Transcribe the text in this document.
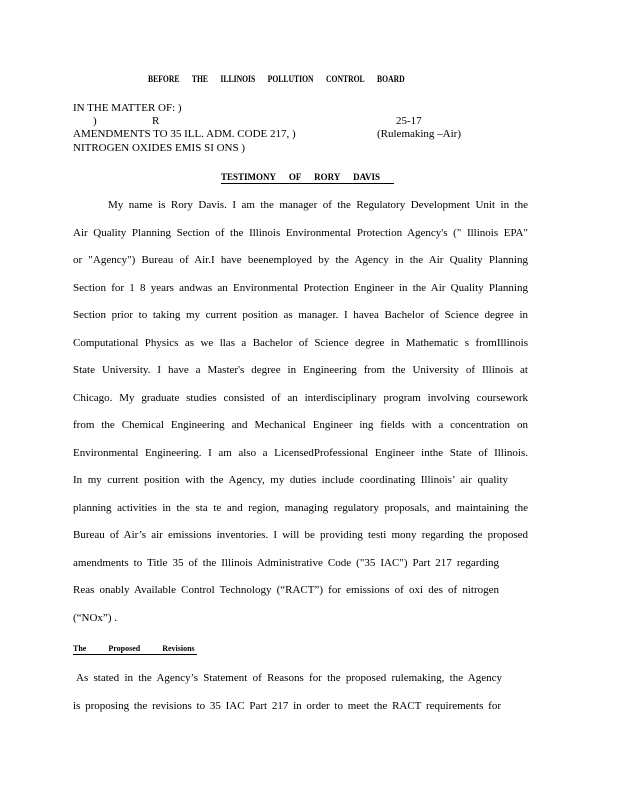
BEFORE THE ILLINOIS POLLUTION CONTROL BOARD
IN THE MATTER OF: )
)	R	25-17
AMENDMENTS TO 35 ILL. ADM. CODE 217, )	(Rulemaking –Air)
NITROGEN OXIDES EMIS SI ONS )
TESTIMONY OF RORY DAVIS
My name is Rory Davis. I am the manager of the Regulatory Development Unit in the
Air Quality Planning Section of the Illinois Environmental Protection Agency's (" Illinois EPA"
or "Agency") Bureau of Air.I have beenemployed by the Agency in the Air Quality Planning
Section for 1 8 years andwas an Environmental Protection Engineer in the Air Quality Planning
Section prior to taking my current position as manager. I havea Bachelor of Science degree in
Computational Physics as we llas a Bachelor of Science degree in Mathematic s fromIllinois
State University. I have a Master's degree in Engineering from the University of Illinois at
Chicago. My graduate studies consisted of an interdisciplinary program involving coursework
from the Chemical Engineering and Mechanical Engineer ing fields with a concentration on
Environmental Engineering. I am also a LicensedProfessional Engineer inthe State of Illinois.
In my current position with the Agency, my duties include coordinating Illinois’ air quality
planning activities in the sta te and region, managing regulatory proposals, and maintaining the
Bureau of Air’s air emissions inventories. I will be providing testi mony regarding the proposed
amendments to Title 35 of the Illinois Administrative Code ("35 IAC") Part 217 regarding
Reas onably Available Control Technology (“RACT”) for emissions of oxi des of nitrogen
(“NOx”) .
The	Proposed	Revisions
As stated in the Agency’s Statement of Reasons for the proposed rulemaking, the Agency
is proposing the revisions to 35 IAC Part 217 in order to meet the RACT requirements for
